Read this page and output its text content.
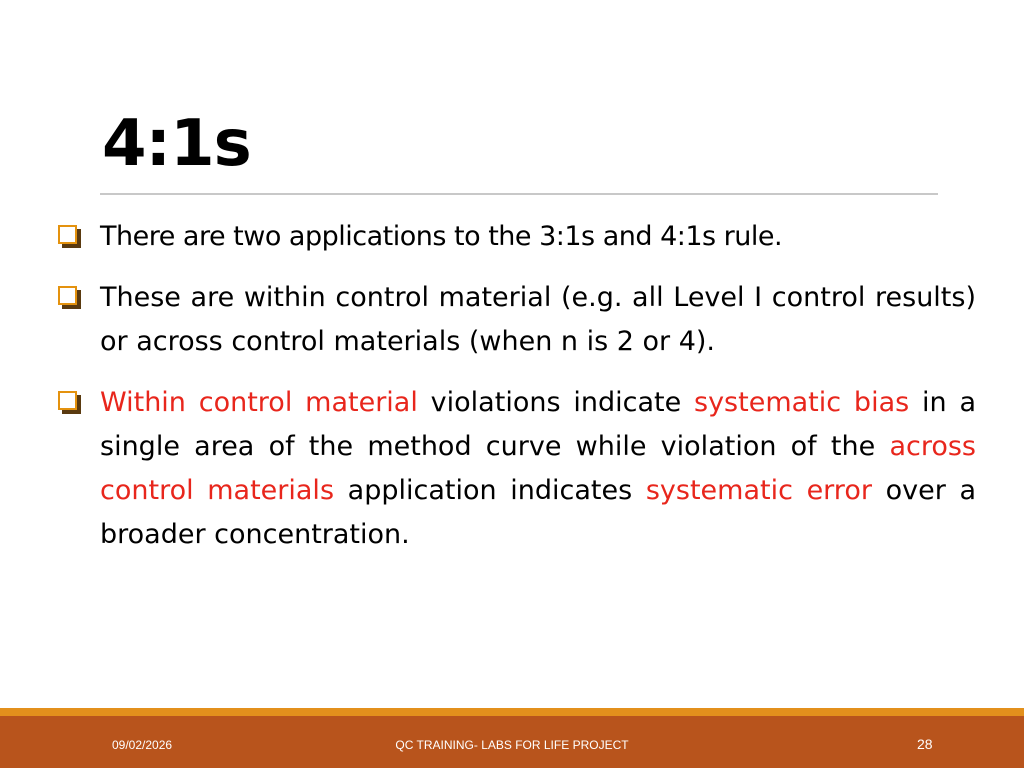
4:1s
There are two applications to the 3:1s and 4:1s rule.
These are within control material (e.g. all Level I control results) or across control materials (when n is 2 or 4).
Within control material violations indicate systematic bias in a single area of the method curve while violation of the across control materials application indicates systematic error over a broader concentration.
09/02/2026	QC TRAINING- LABS FOR LIFE PROJECT	28
